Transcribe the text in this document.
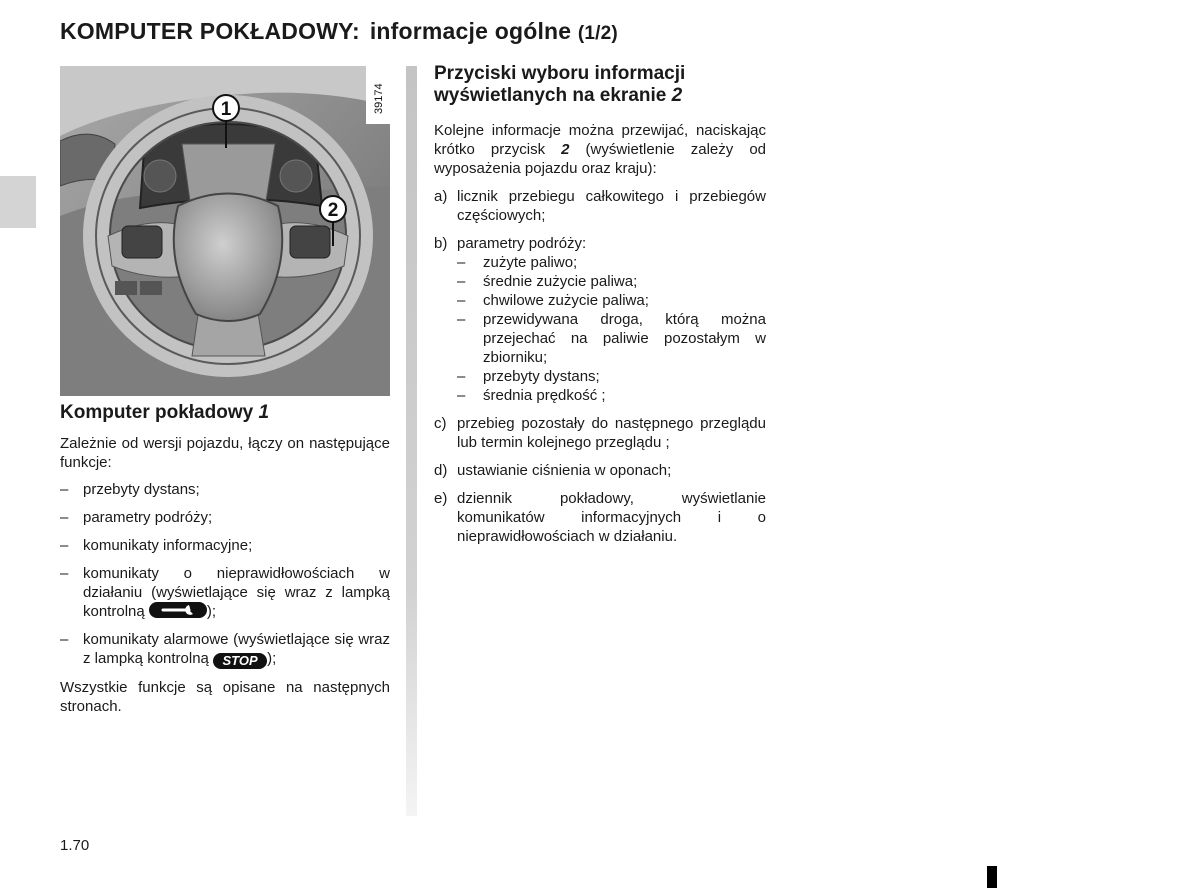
KOMPUTER POKŁADOWY: informacje ogólne (1/2)
1
2
39174
Komputer pokładowy 1

Zależnie od wersji pojazdu, łączy on następujące funkcje:

– przebyty dystans;
– parametry podróży;
– komunikaty informacyjne;
– komunikaty o nieprawidłowościach w działaniu (wyświetlające się wraz z lampką kontrolną	);
– komunikaty alarmowe (wyświetlające się wraz z lampką kontrolną STOP );

Wszystkie funkcje są opisane na następnych stronach.

Przyciski wyboru informacji
wyświetlanych na ekranie 2

Kolejne informacje można przewijać, naciskając krótko przycisk 2 (wyświetlenie zależy od wyposażenia pojazdu oraz kraju):

a) licznik przebiegu całkowitego i przebiegów częściowych;
b) parametry podróży:
– zużyte paliwo;
– średnie zużycie paliwa;
– chwilowe zużycie paliwa;
– przewidywana droga, którą można przejechać na paliwie pozostałym w zbiorniku;
– przebyty dystans;
– średnia prędkość ;
c) przebieg pozostały do następnego przeglądu lub termin kolejnego przeglądu ;
d) ustawianie ciśnienia w oponach;
e) dziennik pokładowy, wyświetlanie komunikatów informacyjnych i o nieprawidłowościach w działaniu.
1.70
